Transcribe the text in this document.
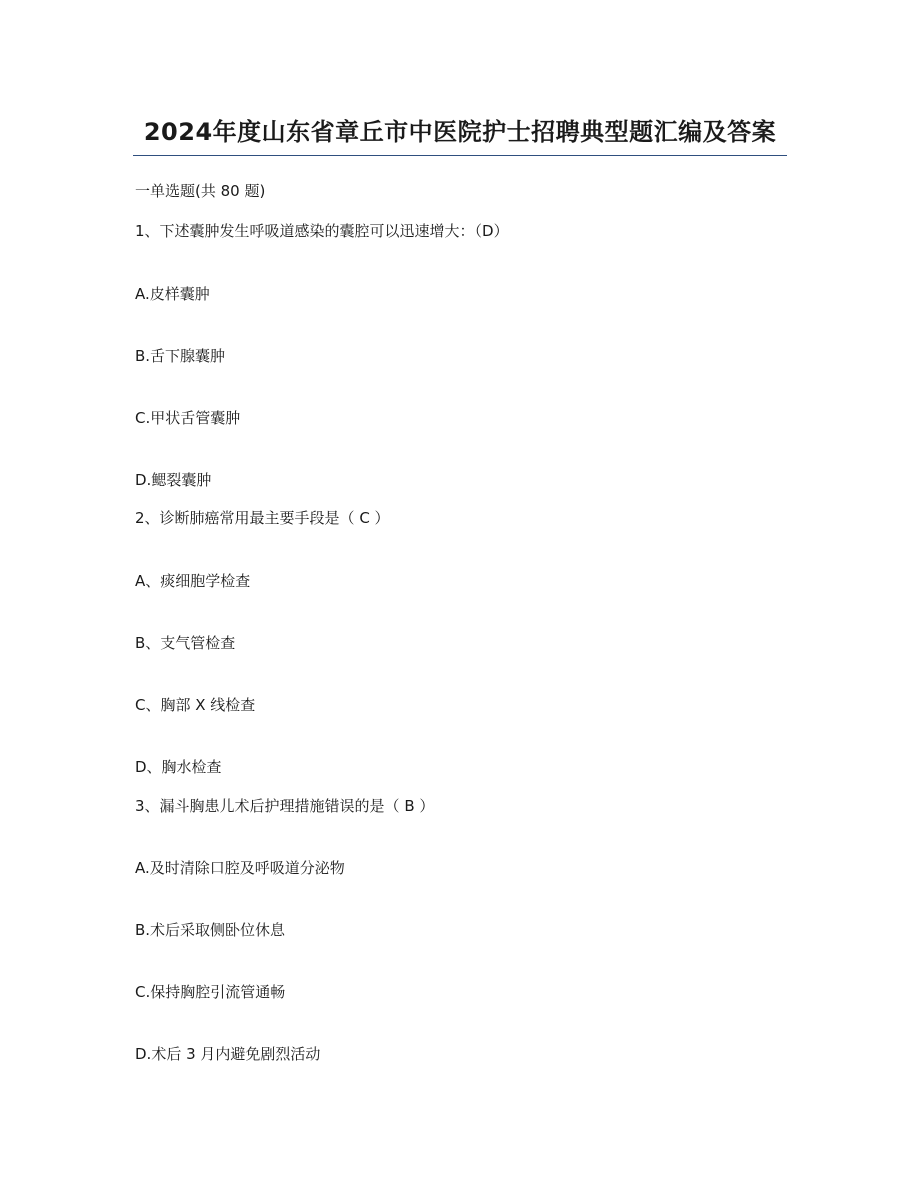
2024年度山东省章丘市中医院护士招聘典型题汇编及答案
一单选题(共 80 题)
1、下述囊肿发生呼吸道感染的囊腔可以迅速增大：（D）
A.皮样囊肿
B.舌下腺囊肿
C.甲状舌管囊肿
D.鳃裂囊肿
2、诊断肺癌常用最主要手段是（ C ）
A、痰细胞学检查
B、支气管检查
C、胸部 X 线检查
D、胸水检查
3、漏斗胸患儿术后护理措施错误的是（ B ）
A.及时清除口腔及呼吸道分泌物
B.术后采取侧卧位休息
C.保持胸腔引流管通畅
D.术后 3 月内避免剧烈活动
